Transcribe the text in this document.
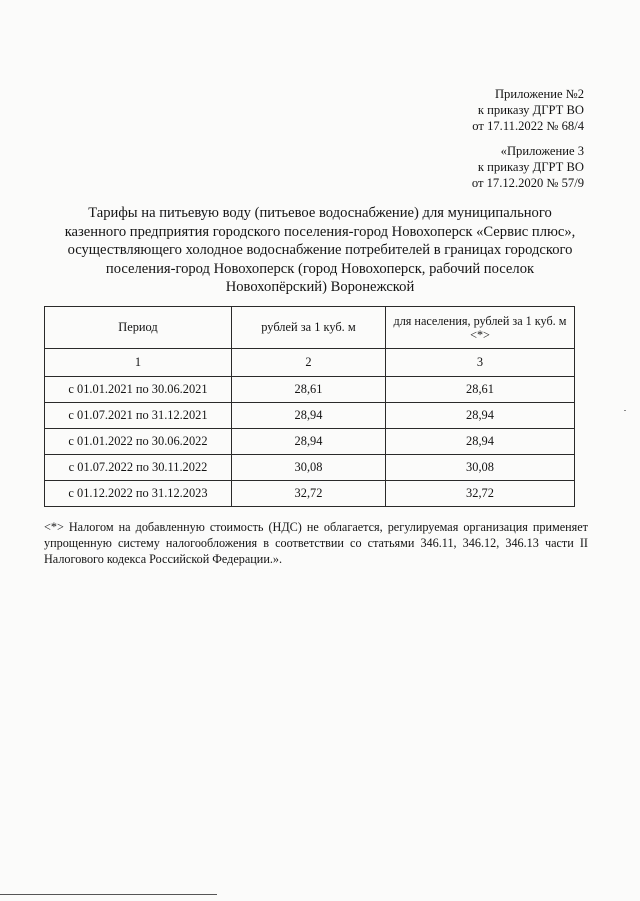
Приложение №2
к приказу ДГРТ ВО
от 17.11.2022 № 68/4
«Приложение 3
к приказу ДГРТ ВО
от 17.12.2020 № 57/9
Тарифы на питьевую воду (питьевое водоснабжение) для муниципального
казенного предприятия городского поселения-город Новохоперск «Сервис плюс»,
осуществляющего холодное водоснабжение потребителей в границах городского
поселения-город Новохоперск (город Новохоперск, рабочий поселок
Новохопёрский) Воронежской
Период	рублей за 1 куб. м	для населения, рублей за 1 куб. м <*>
1	2	3
с 01.01.2021 по 30.06.2021	28,61	28,61
с 01.07.2021 по 31.12.2021	28,94	28,94
с 01.01.2022 по 30.06.2022	28,94	28,94
с 01.07.2022 по 30.11.2022	30,08	30,08
с 01.12.2022 по 31.12.2023	32,72	32,72
<*> Налогом на добавленную стоимость (НДС) не облагается, регулируемая организация применяет упрощенную систему налогообложения в соответствии со статьями 346.11, 346.12, 346.13 части II Налогового кодекса Российской Федерации.».
